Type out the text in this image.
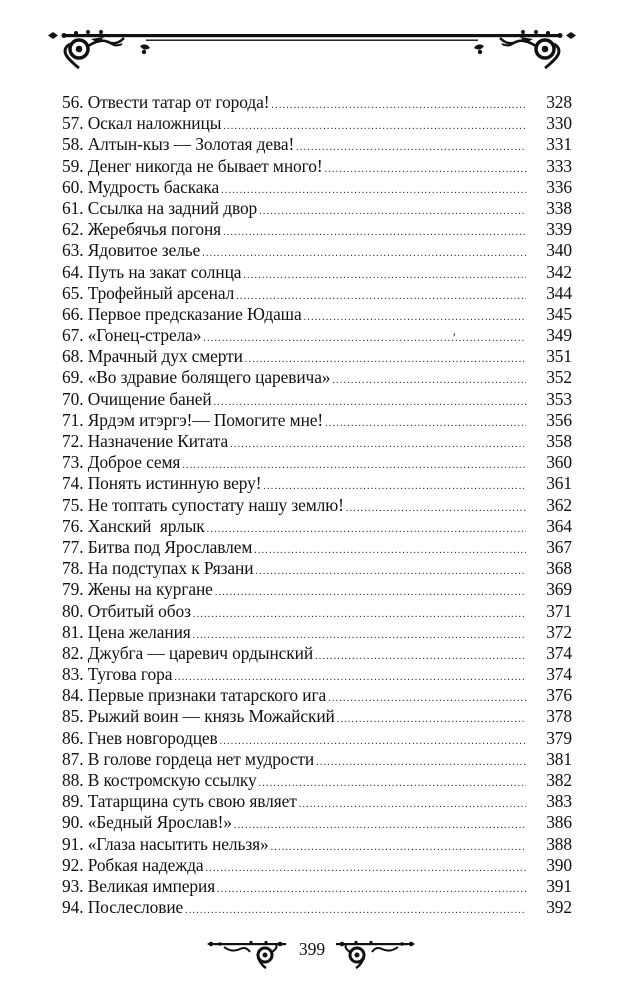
56. Отвести татар от города! .....	328
57. Оскал наложницы .....	330
58. Алтын-кыз — Золотая дева! .....	331
59. Денег никогда не бывает много! .....	333
60. Мудрость баскака .....	336
61. Ссылка на задний двор .....	338
62. Жеребячья погоня .....	339
63. Ядовитое зелье .....	340
64. Путь на закат солнца .....	342
65. Трофейный арсенал .....	344
66. Первое предсказание Юдаша .....	345
67. «Гонец-стрела» .....	349
68. Мрачный дух смерти .....	351
69. «Во здравие болящего царевича» .....	352
70. Очищение баней .....	353
71. Ярдэм итэргэ!— Помогите мне! .....	356
72. Назначение Китата .....	358
73. Доброе семя .....	360
74. Понять истинную веру! .....	361
75. Не топтать супостату нашу землю! .....	362
76. Ханский  ярлык .....	364
77. Битва под Ярославлем .....	367
78. На подступах к Рязани .....	368
79. Жены на кургане .....	369
80. Отбитый обоз .....	371
81. Цена желания .....	372
82. Джубга — царевич ордынский .....	374
83. Тугова гора .....	374
84. Первые признаки татарского ига .....	376
85. Рыжий воин — князь Можайский .....	378
86. Гнев новгородцев .....	379
87. В голове гордеца нет мудрости .....	381
88. В костромскую ссылку .....	382
89. Татарщина суть свою являет .....	383
90. «Бедный Ярослав!» .....	386
91. «Глаза насытить нельзя» .....	388
92. Робкая надежда .....	390
93. Великая империя .....	391
94. Послесловие .....	392
ʹ
399
